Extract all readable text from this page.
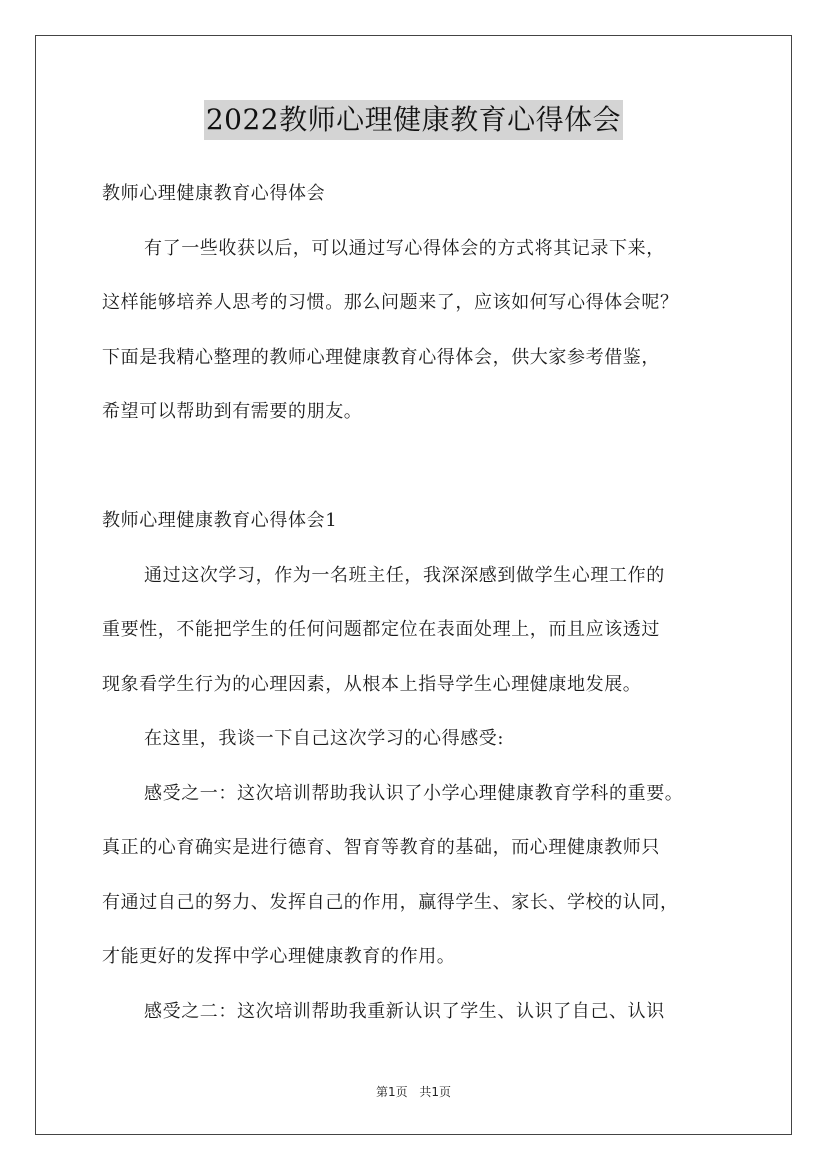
2022教师心理健康教育心得体会
教师心理健康教育心得体会
有了一些收获以后，可以通过写心得体会的方式将其记录下来，
这样能够培养人思考的习惯。那么问题来了，应该如何写心得体会呢？
下面是我精心整理的教师心理健康教育心得体会，供大家参考借鉴，
希望可以帮助到有需要的朋友。
教师心理健康教育心得体会1
通过这次学习，作为一名班主任，我深深感到做学生心理工作的
重要性，不能把学生的任何问题都定位在表面处理上，而且应该透过
现象看学生行为的心理因素，从根本上指导学生心理健康地发展。
在这里，我谈一下自己这次学习的心得感受:
感受之一：这次培训帮助我认识了小学心理健康教育学科的重要。
真正的心育确实是进行德育、智育等教育的基础，而心理健康教师只
有通过自己的努力、发挥自己的作用，赢得学生、家长、学校的认同，
才能更好的发挥中学心理健康教育的作用。
感受之二：这次培训帮助我重新认识了学生、认识了自己、认识
第1页 共1页
